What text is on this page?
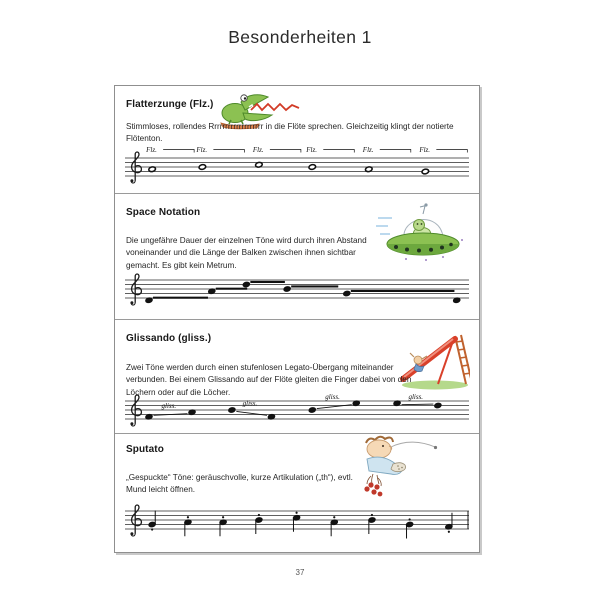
Besonderheiten 1
Flatterzunge (Flz.)

Stimmloses, rollendes Rrrrrrrrrrrrrrrrrrr in die Flöte sprechen. Gleichzeitig klingt der notierte Flötenton.

Flz.	Flz.	Flz.	Flz.	Flz.	Flz.
Space Notation

Die ungefähre Dauer der einzelnen Töne wird durch ihren Abstand voneinander und die Länge der Balken zwischen ihnen sichtbar gemacht. Es gibt kein Metrum.

Glissando (gliss.)

Zwei Töne werden durch einen stufenlosen Legato-Übergang miteinander verbunden. Bei einem Glissando auf der Flöte gleiten die Finger dabei von den Löchern oder auf die Löcher.

gliss.	gliss.
gliss.	gliss.
Sputato

„Gespuckte“ Töne: geräuschvolle, kurze Artikulation („th“), evtl. Mund leicht öffnen.

37
